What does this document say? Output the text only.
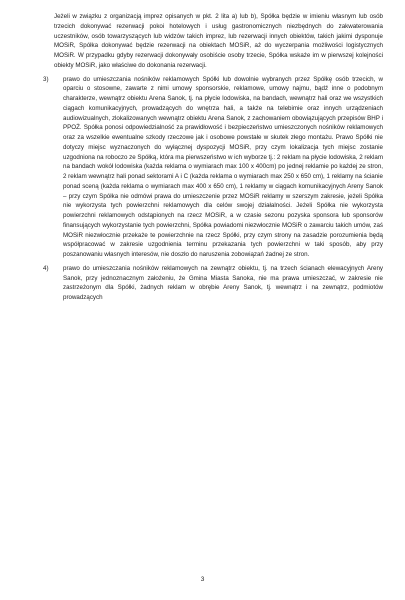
Jeżeli w związku z organizacją imprez opisanych w pkt. 2 lita a) lub b), Spółka będzie w imieniu własnym lub osób trzecich dokonywać rezerwacji pokoi hotelowych i usług gastronomicznych niezbędnych do zakwaterowania uczestników, osób towarzyszących lub widzów takich imprez, lub rezerwacji innych obiektów, takich jakimi dysponuje MOSiR, Spółka dokonywać będzie rezerwacji na obiektach MOSiR, aż do wyczerpania możliwości logistycznych MOSiR. W przypadku gdyby rezerwacji dokonywały osobiście osoby trzecie, Spółka wskaże im w pierwszej kolejności obiekty MOSiR, jako właściwe do dokonania rezerwacji.

3) prawo do umieszczania nośników reklamowych Spółki lub dowolnie wybranych przez Spółkę osób trzecich, w oparciu o stosowne, zawarte z nimi umowy sponsorskie, reklamowe, umowy najmu, bądź inne o podobnym charakterze, wewnątrz obiektu Arena Sanok, tj. na płycie lodowiska, na bandach, wewnątrz hali oraz we wszystkich ciągach komunikacyjnych, prowadzących do wnętrza hali, a także na telebimie oraz innych urządzeniach audiowizualnych, zlokalizowanych wewnątrz obiektu Arena Sanok, z zachowaniem obowiązujących przepisów BHP i PPOŻ. Spółka ponosi odpowiedzialność za prawidłowość i bezpieczeństwo umieszczonych nośników reklamowych oraz za wszelkie ewentualne szkody rzeczowe jak i osobowe powstałe w skutek złego montażu. Prawo Spółki nie dotyczy miejsc wyznaczonych do wyłącznej dyspozycji MOSiR, przy czym lokalizacja tych miejsc zostanie uzgodniona na roboczo ze Spółką, która ma pierwszeństwo w ich wyborze tj.: 2 reklam na płycie lodowiska, 2 reklam na bandach wokół lodowiska (każda reklama o wymiarach max 100 x 400cm) po jednej reklamie po każdej ze stron, 2 reklam wewnątrz hali ponad sektorami A i C (każda reklama o wymiarach max 250 x 650 cm), 1 reklamy na ścianie ponad sceną (każda reklama o wymiarach max 400 x 650 cm), 1 reklamy w ciągach komunikacyjnych Areny Sanok – przy czym Spółka nie odmówi prawa do umieszczenie przez MOSiR reklamy w szerszym zakresie, jeżeli Spółka nie wykorzysta tych powierzchni reklamowych dla celów swojej działalności. Jeżeli Spółka nie wykorzysta powierzchni reklamowych odstąpionych na rzecz MOSiR, a w czasie sezonu pozyska sponsora lub sponsorów finansujących wykorzystanie tych powierzchni, Spółka powiadomi niezwłocznie MOSiR o zawarciu takich umów, zaś MOSiR niezwłocznie przekaże te powierzchnie na rzecz Spółki, przy czym strony na zasadzie porozumienia będą współpracować w zakresie uzgodnienia terminu przekazania tych powierzchni w taki sposób, aby przy poszanowaniu własnych interesów, nie doszło do naruszenia zobowiązań żadnej ze stron.

4) prawo do umieszczania nośników reklamowych na zewnątrz obiektu, tj. na trzech ścianach elewacyjnych Areny Sanok, przy jednoznacznym założeniu, że Gmina Miasta Sanoka, nie ma prawa umieszczać, w zakresie nie zastrzeżonym dla Spółki, żadnych reklam w obrębie Areny Sanok, tj. wewnątrz i na zewnątrz, podmiotów prowadzących

3
